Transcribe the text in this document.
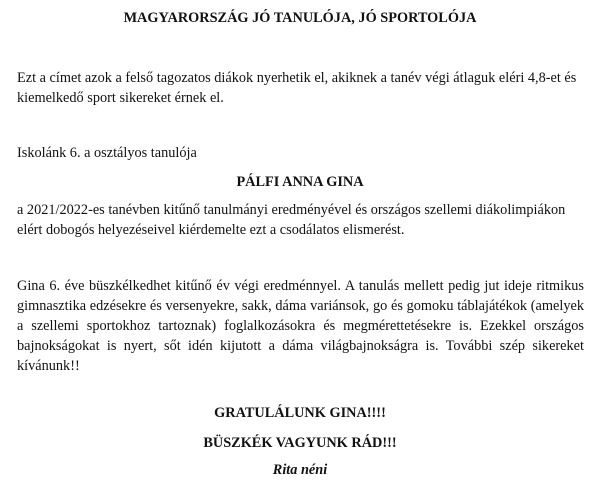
MAGYARORSZÁG JÓ TANULÓJA, JÓ SPORTOLÓJA
Ezt a címet azok a felső tagozatos diákok nyerhetik el, akiknek a tanév végi átlaguk eléri 4,8-et és kiemelkedő sport sikereket érnek el.
Iskolánk 6. a osztályos tanulója
PÁLFI ANNA GINA
a 2021/2022-es tanévben kitűnő tanulmányi eredményével és országos szellemi diákolimpiákon elért dobogós helyezéseivel kiérdemelte ezt a csodálatos elismerést.
Gina 6. éve büszkélkedhet kitűnő év végi eredménnyel. A tanulás mellett pedig jut ideje ritmikus gimnasztika edzésekre és versenyekre, sakk, dáma variánsok, go és gomoku táblajátékok (amelyek a szellemi sportokhoz tartoznak) foglalkozásokra és megmérettetésekre is. Ezekkel országos bajnokságokat is nyert, sőt idén kijutott a dáma világbajnokságra is. További szép sikereket kívánunk!!
GRATULÁLUNK GINA!!!!
BÜSZKÉK VAGYUNK RÁD!!!
Rita néni
